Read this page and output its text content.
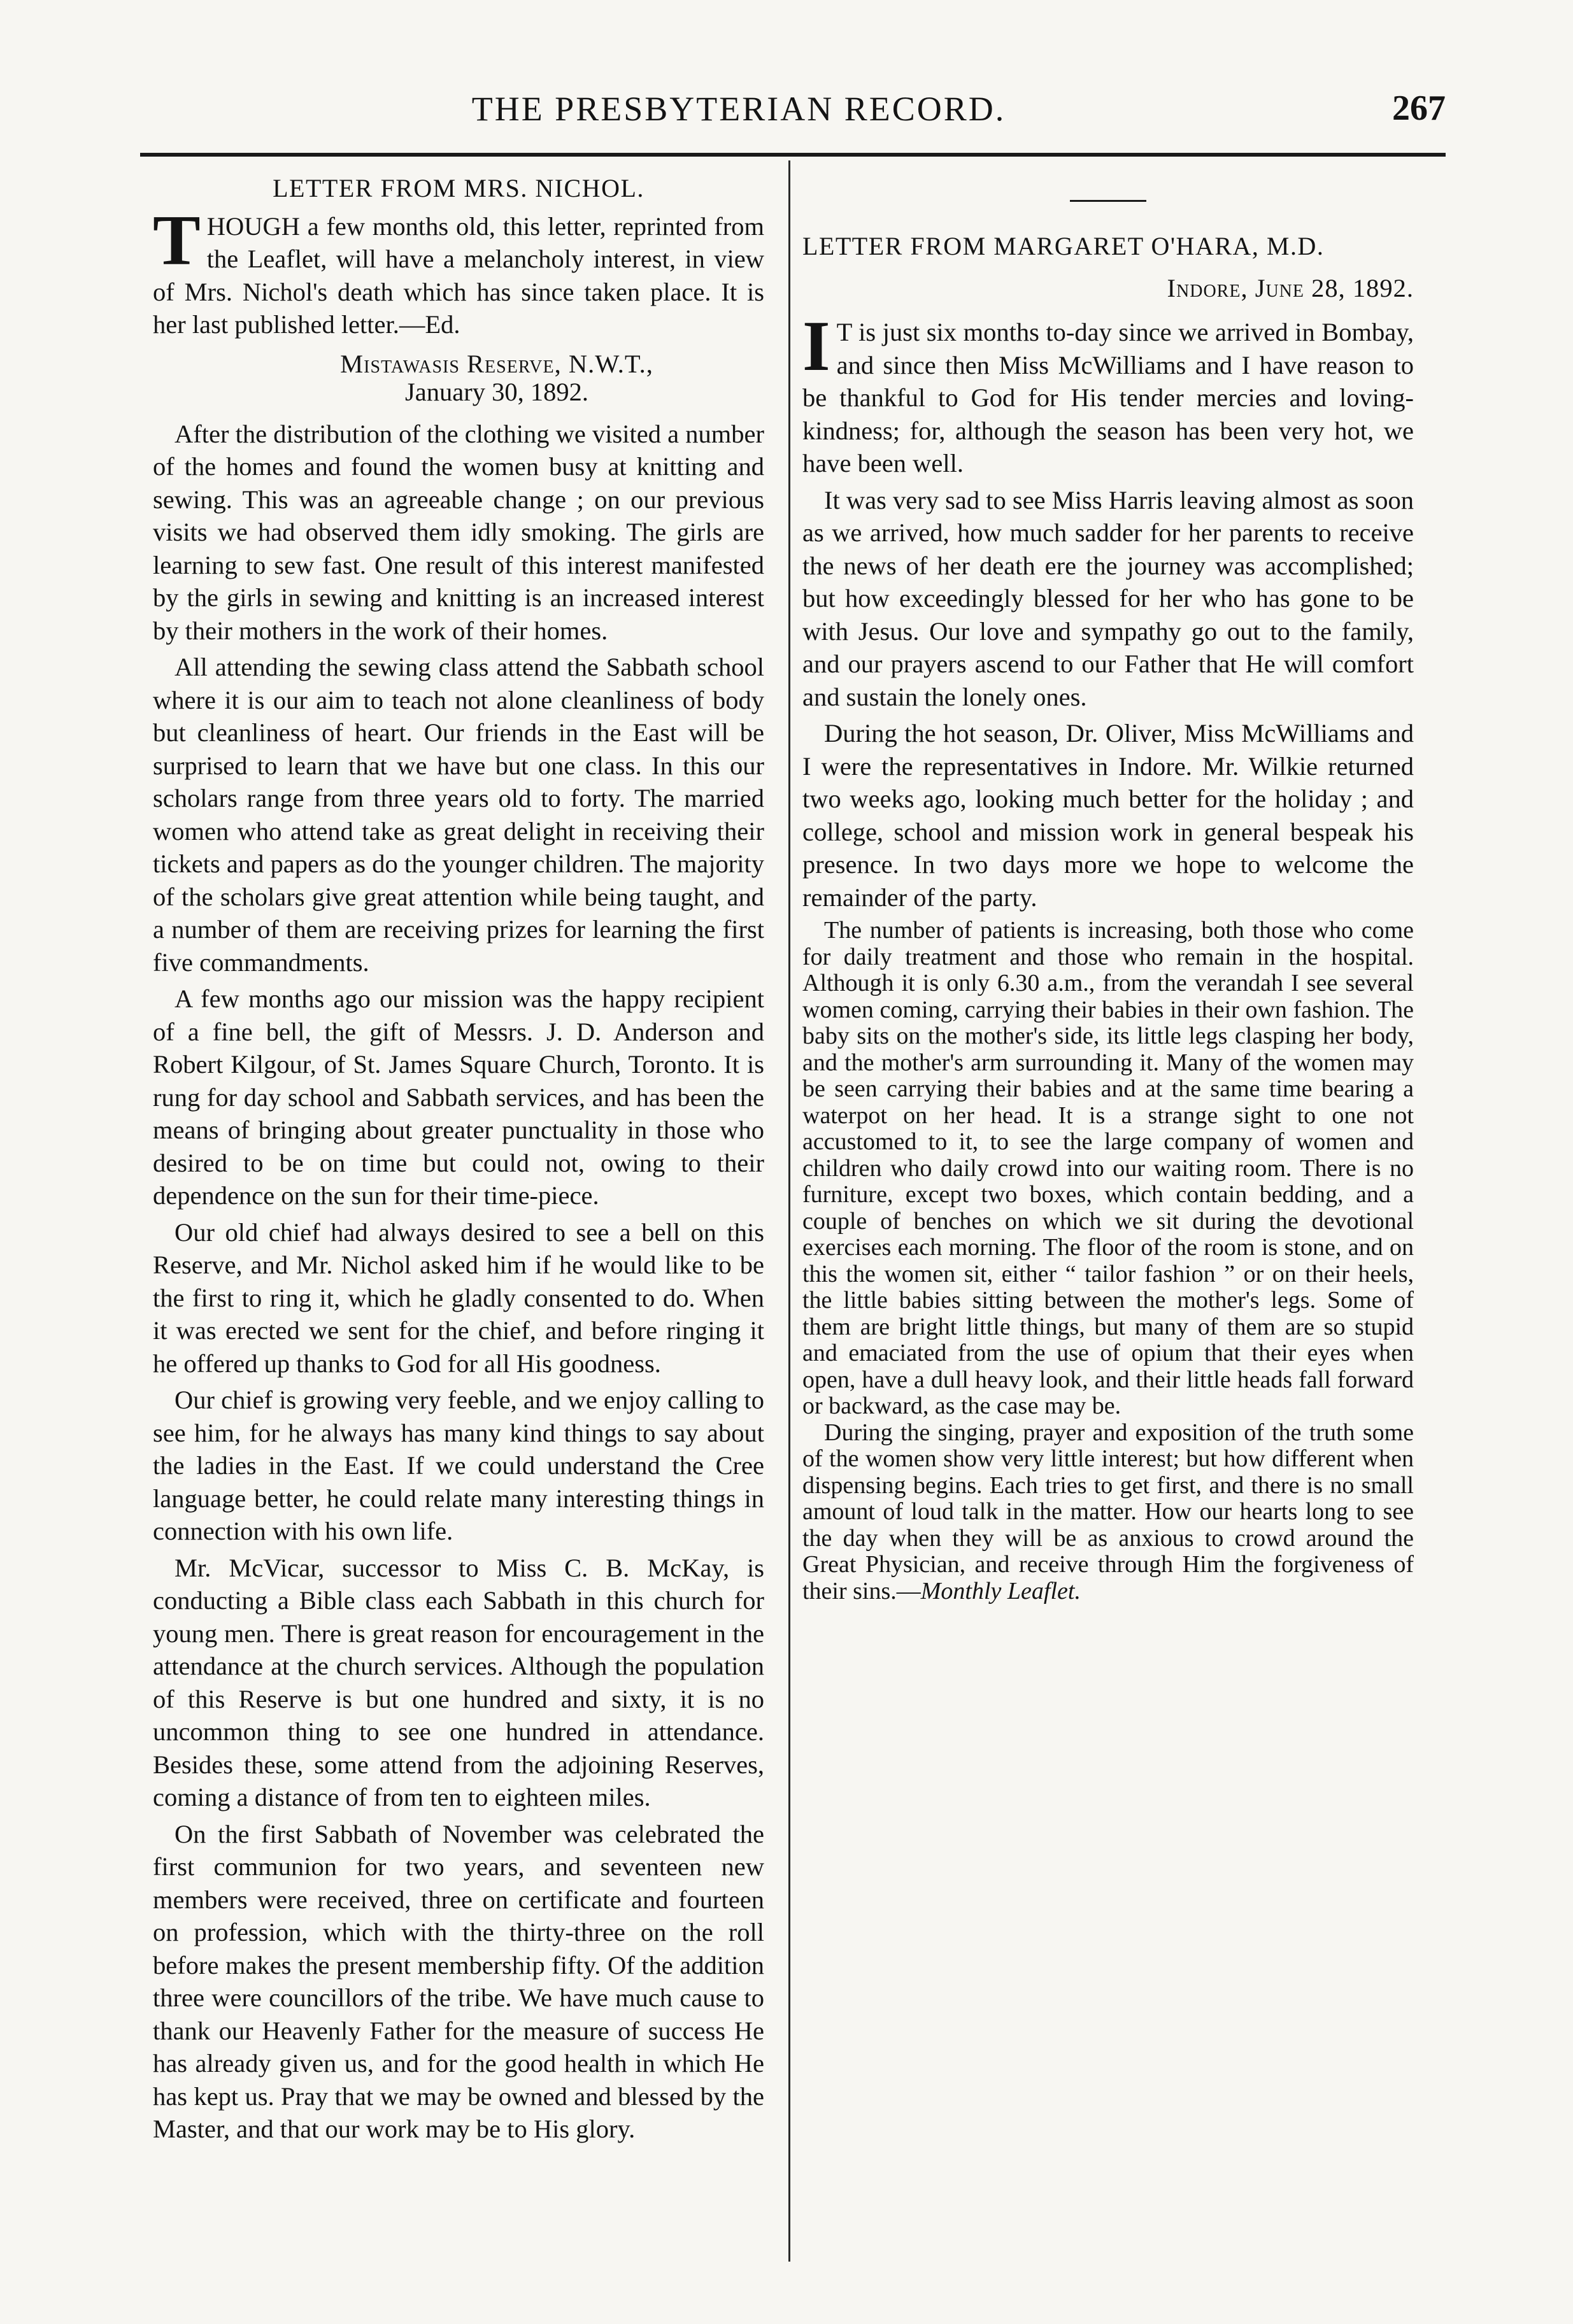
THE PRESBYTERIAN RECORD.	267
LETTER FROM MRS. NICHOL.

THOUGH a few months old, this letter, reprinted from the Leaflet, will have a melancholy interest, in view of Mrs. Nichol's death which has since taken place. It is her last published letter.—Ed.

Mistawasis Reserve, N.W.T.,
January 30, 1892.

After the distribution of the clothing we visited a number of the homes and found the women busy at knitting and sewing. This was an agreeable change ; on our previous visits we had observed them idly smoking. The girls are learning to sew fast. One result of this interest manifested by the girls in sewing and knitting is an increased interest by their mothers in the work of their homes.

All attending the sewing class attend the Sabbath school where it is our aim to teach not alone cleanliness of body but cleanliness of heart. Our friends in the East will be surprised to learn that we have but one class. In this our scholars range from three years old to forty. The married women who attend take as great delight in receiving their tickets and papers as do the younger children. The majority of the scholars give great attention while being taught, and a number of them are receiving prizes for learning the first five commandments.

A few months ago our mission was the happy recipient of a fine bell, the gift of Messrs. J. D. Anderson and Robert Kilgour, of St. James Square Church, Toronto. It is rung for day school and Sabbath services, and has been the means of bringing about greater punctuality in those who desired to be on time but could not, owing to their dependence on the sun for their time-piece.

Our old chief had always desired to see a bell on this Reserve, and Mr. Nichol asked him if he would like to be the first to ring it, which he gladly consented to do. When it was erected we sent for the chief, and before ringing it he offered up thanks to God for all His goodness.

Our chief is growing very feeble, and we enjoy calling to see him, for he always has many kind things to say about the ladies in the East. If we could understand the Cree language better, he could relate many interesting things in connection with his own life.

Mr. McVicar, successor to Miss C. B. McKay, is conducting a Bible class each Sabbath in this church for young men. There is great reason for encouragement in the attendance at the church services. Although the population of this Reserve is but one hundred and sixty, it is no uncommon thing to see one hundred in attendance. Besides these, some attend from the adjoining Reserves, coming a distance of from ten to eighteen miles.

On the first Sabbath of November was celebrated the first communion for two years, and seventeen new members were received, three on certificate and fourteen on profession, which with the thirty-three on the roll before makes the present membership fifty. Of the addition three were councillors of the tribe. We have much cause to thank our Heavenly Father for the measure of success He has already given us, and for the good health in which He has kept us. Pray that we may be owned and blessed by the Master, and that our work may be to His glory.

LETTER FROM MARGARET O'HARA, M.D.
Indore, June 28, 1892.

I T is just six months to-day since we arrived in Bombay, and since then Miss McWilliams and I have reason to be thankful to God for His tender mercies and loving-kindness; for, although the season has been very hot, we have been well.

It was very sad to see Miss Harris leaving almost as soon as we arrived, how much sadder for her parents to receive the news of her death ere the journey was accomplished; but how exceedingly blessed for her who has gone to be with Jesus. Our love and sympathy go out to the family, and our prayers ascend to our Father that He will comfort and sustain the lonely ones.

During the hot season, Dr. Oliver, Miss McWilliams and I were the representatives in Indore. Mr. Wilkie returned two weeks ago, looking much better for the holiday ; and college, school and mission work in general bespeak his presence. In two days more we hope to welcome the remainder of the party.

The number of patients is increasing, both those who come for daily treatment and those who remain in the hospital. Although it is only 6.30 a.m., from the verandah I see several women coming, carrying their babies in their own fashion. The baby sits on the mother's side, its little legs clasping her body, and the mother's arm surrounding it. Many of the women may be seen carrying their babies and at the same time bearing a waterpot on her head. It is a strange sight to one not accustomed to it, to see the large company of women and children who daily crowd into our waiting room. There is no furniture, except two boxes, which contain bedding, and a couple of benches on which we sit during the devotional exercises each morning. The floor of the room is stone, and on this the women sit, either “ tailor fashion ” or on their heels, the little babies sitting between the mother's legs. Some of them are bright little things, but many of them are so stupid and emaciated from the use of opium that their eyes when open, have a dull heavy look, and their little heads fall forward or backward, as the case may be.

During the singing, prayer and exposition of the truth some of the women show very little interest; but how different when dispensing begins. Each tries to get first, and there is no small amount of loud talk in the matter. How our hearts long to see the day when they will be as anxious to crowd around the Great Physician, and receive through Him the forgiveness of their sins.—Monthly Leaflet.
